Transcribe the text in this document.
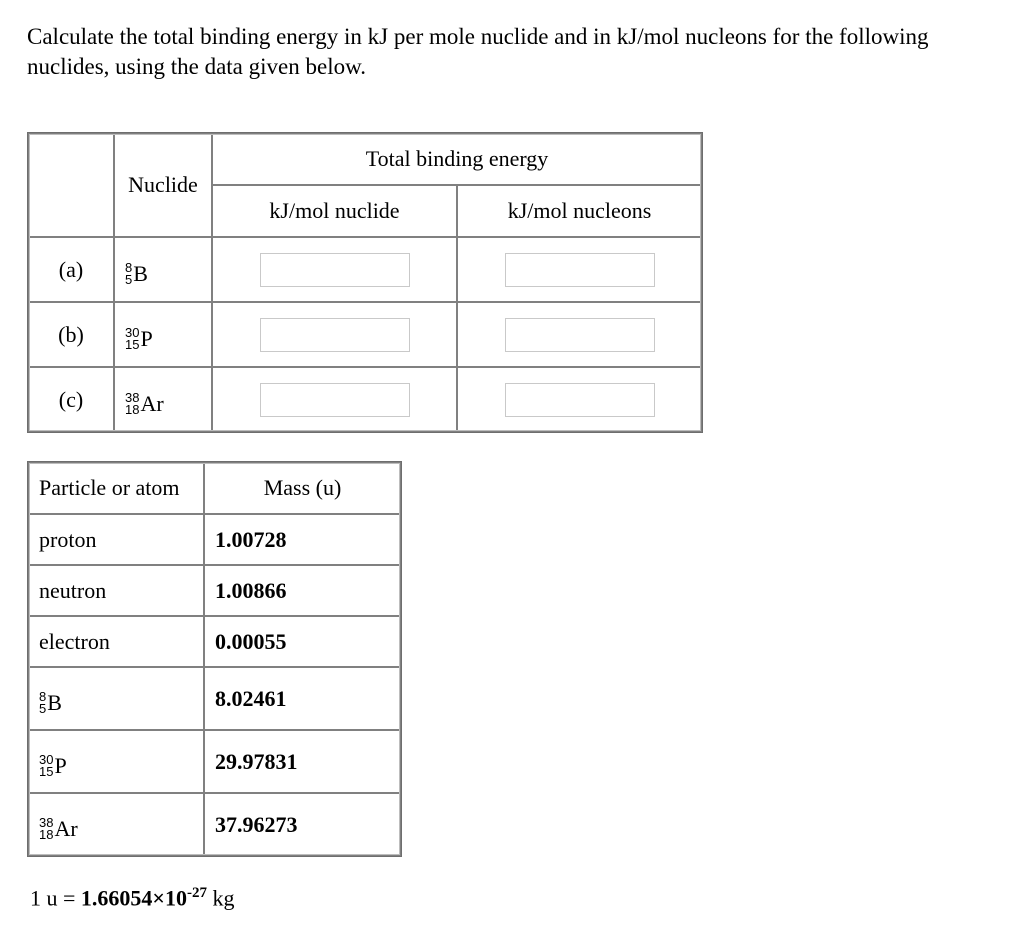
Calculate the total binding energy in kJ per mole nuclide and in kJ/mol nucleons for the following nuclides, using the data given below.
	Nuclide	Total binding energy	
		kJ/mol nuclide	kJ/mol nucleons
(a)	8
5 B

(b)	30
15 P

(c)	38
18 Ar

Particle or atom	Mass (u)
proton	1.00728
neutron	1.00866
electron	0.00055

8
5 B	8.02461

30
15 P	29.97831

38
18 Ar	37.96273
1 $u = 1.66054\times 10^{-27}$ kg
